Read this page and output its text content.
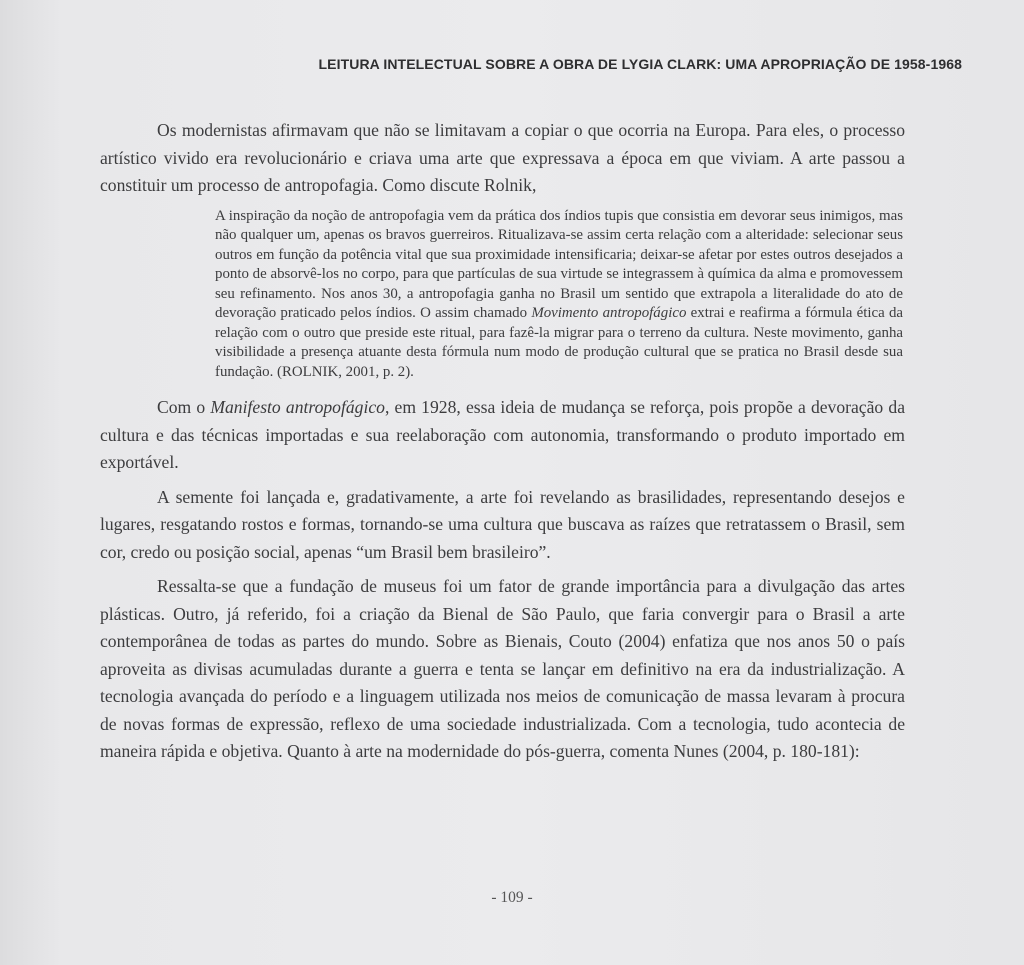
LEITURA INTELECTUAL SOBRE A OBRA DE LYGIA CLARK: UMA APROPRIAÇÃO DE 1958-1968

Os modernistas afirmavam que não se limitavam a copiar o que ocorria na Europa. Para eles, o processo artístico vivido era revolucionário e criava uma arte que expressava a época em que viviam. A arte passou a constituir um processo de antropofagia. Como discute Rolnik,

A inspiração da noção de antropofagia vem da prática dos índios tupis que consistia em devorar seus inimigos, mas não qualquer um, apenas os bravos guerreiros. Ritualizava-se assim certa relação com a alteridade: selecionar seus outros em função da potência vital que sua proximidade intensificaria; deixar-se afetar por estes outros desejados a ponto de absorvê-los no corpo, para que partículas de sua virtude se integrassem à química da alma e promovessem seu refinamento. Nos anos 30, a antropofagia ganha no Brasil um sentido que extrapola a literalidade do ato de devoração praticado pelos índios. O assim chamado Movimento antropofágico extrai e reafirma a fórmula ética da relação com o outro que preside este ritual, para fazê-la migrar para o terreno da cultura. Neste movimento, ganha visibilidade a presença atuante desta fórmula num modo de produção cultural que se pratica no Brasil desde sua fundação. (ROLNIK, 2001, p. 2).

Com o Manifesto antropofágico, em 1928, essa ideia de mudança se reforça, pois propõe a devoração da cultura e das técnicas importadas e sua reelaboração com autonomia, transformando o produto importado em exportável.

A semente foi lançada e, gradativamente, a arte foi revelando as brasilidades, representando desejos e lugares, resgatando rostos e formas, tornando-se uma cultura que buscava as raízes que retratassem o Brasil, sem cor, credo ou posição social, apenas “um Brasil bem brasileiro”.

Ressalta-se que a fundação de museus foi um fator de grande importância para a divulgação das artes plásticas. Outro, já referido, foi a criação da Bienal de São Paulo, que faria convergir para o Brasil a arte contemporânea de todas as partes do mundo. Sobre as Bienais, Couto (2004) enfatiza que nos anos 50 o país aproveita as divisas acumuladas durante a guerra e tenta se lançar em definitivo na era da industrialização. A tecnologia avançada do período e a linguagem utilizada nos meios de comunicação de massa levaram à procura de novas formas de expressão, reflexo de uma sociedade industrializada. Com a tecnologia, tudo acontecia de maneira rápida e objetiva. Quanto à arte na modernidade do pós-guerra, comenta Nunes (2004, p. 180-181):

- 109 -
